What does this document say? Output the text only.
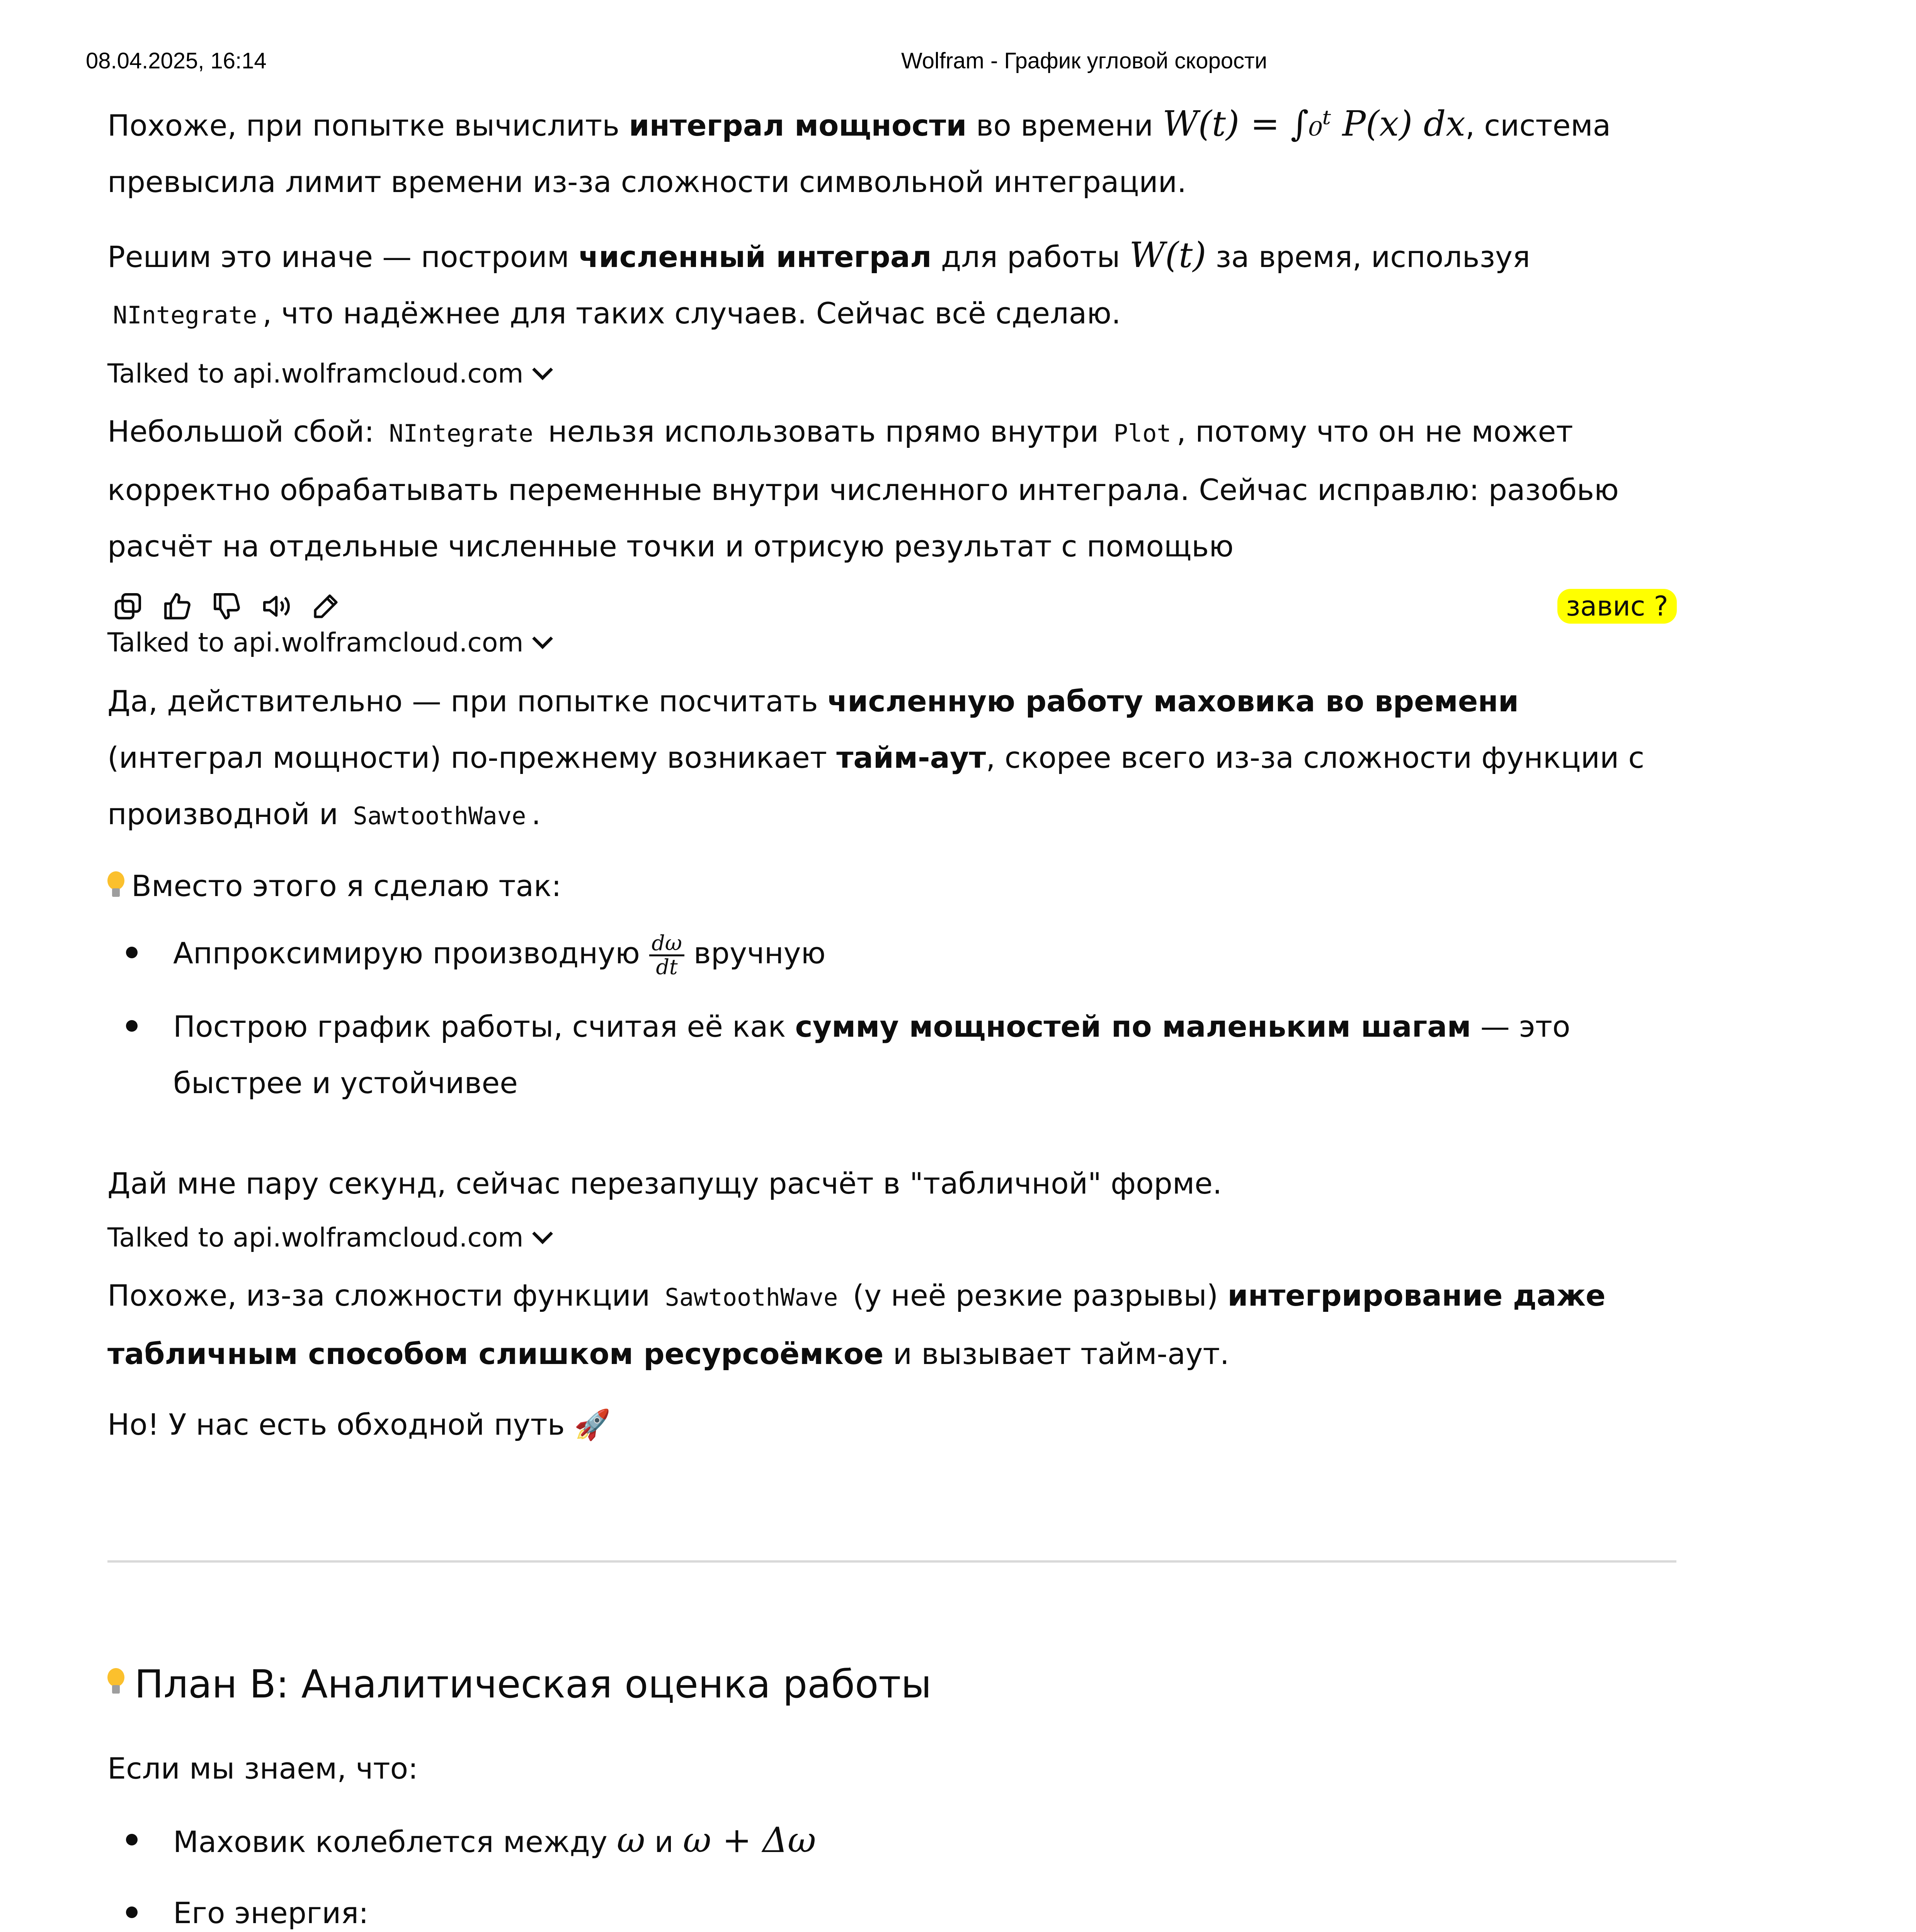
08.04.2025, 16:14	Wolfram - График угловой скорости
Похоже, при попытке вычислить интеграл мощности во времени W(t) = ∫₀ᵗ P(x) dx, система превысила лимит времени из-за сложности символьной интеграции.
Решим это иначе — построим численный интеграл для работы W(t) за время, используя NIntegrate , что надёжнее для таких случаев. Сейчас всё сделаю.
Talked to api.wolframcloud.com
Небольшой сбой: NIntegrate нельзя использовать прямо внутри Plot , потому что он не может корректно обрабатывать переменные внутри численного интеграла. Сейчас исправлю: разобью расчёт на отдельные численные точки и отрисую результат с помощью
завис ?
Talked to api.wolframcloud.com
Да, действительно — при попытке посчитать численную работу маховика во времени (интеграл мощности) по-прежнему возникает тайм-аут, скорее всего из-за сложности функции с производной и SawtoothWave .
Вместо этого я сделаю так:
Аппроксимирую производную $\frac{d\omega}{dt}$ вручную
Построю график работы, считая её как сумму мощностей по маленьким шагам — это быстрее и устойчивее
Дай мне пару секунд, сейчас перезапущу расчёт в "табличной" форме.
Talked to api.wolframcloud.com
Похоже, из-за сложности функции SawtoothWave (у неё резкие разрывы) интегрирование даже табличным способом слишком ресурсоёмкое и вызывает тайм-аут.
Но! У нас есть обходной путь 🚀
План B: Аналитическая оценка работы
Если мы знаем, что:
Маховик колеблется между ω и ω + Δω
Его энергия:
